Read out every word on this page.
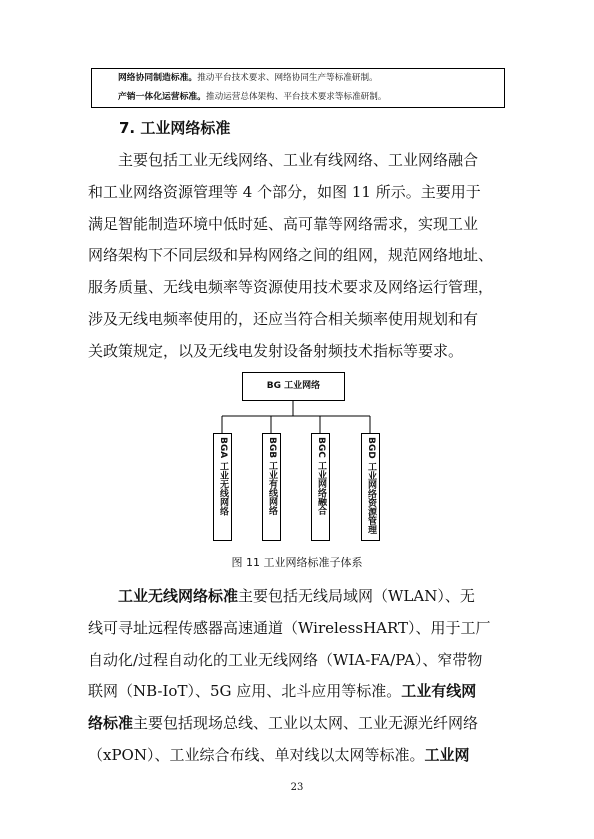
网络协同制造标准。推动平台技术要求、网络协同生产等标准研制。
产销一体化运营标准。推动运营总体架构、平台技术要求等标准研制。
7. 工业网络标准
主要包括工业无线网络、工业有线网络、工业网络融合
和工业网络资源管理等 4 个部分，如图 11 所示。主要用于
满足智能制造环境中低时延、高可靠等网络需求，实现工业
网络架构下不同层级和异构网络之间的组网，规范网络地址、
服务质量、无线电频率等资源使用技术要求及网络运行管理，
涉及无线电频率使用的，还应当符合相关频率使用规划和有
关政策规定，以及无线电发射设备射频技术指标等要求。
BG 工业网络
BGA 工业无线网络	BGB 工业有线网络	BGC 工业网络融合	BGD 工业网络资源管理
图 11 工业网络标准子体系
工业无线网络标准主要包括无线局域网（WLAN）、无
线可寻址远程传感器高速通道（WirelessHART）、用于工厂
自动化/过程自动化的工业无线网络（WIA-FA/PA）、窄带物
联网（NB-IoT）、5G 应用、北斗应用等标准。工业有线网
络标准主要包括现场总线、工业以太网、工业无源光纤网络
（xPON）、工业综合布线、单对线以太网等标准。工业网
23
